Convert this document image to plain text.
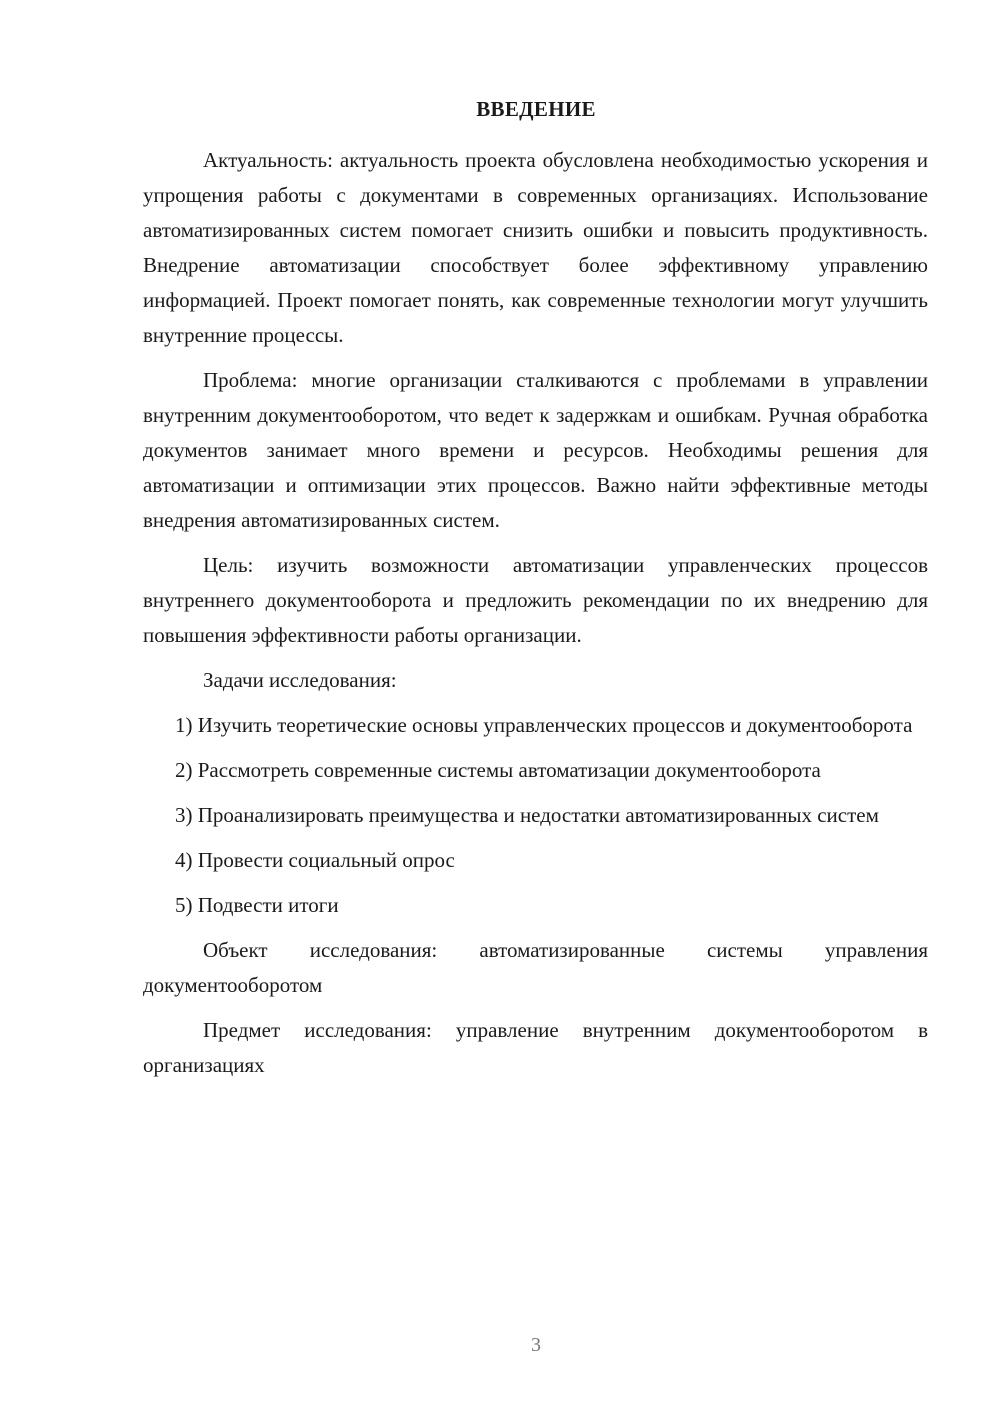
ВВЕДЕНИЕ

Актуальность: актуальность проекта обусловлена необходимостью ускорения и упрощения работы с документами в современных организациях. Использование автоматизированных систем помогает снизить ошибки и повысить продуктивность. Внедрение автоматизации способствует более эффективному управлению информацией. Проект помогает понять, как современные технологии могут улучшить внутренние процессы.

Проблема: многие организации сталкиваются с проблемами в управлении внутренним документооборотом, что ведет к задержкам и ошибкам. Ручная обработка документов занимает много времени и ресурсов. Необходимы решения для автоматизации и оптимизации этих процессов. Важно найти эффективные методы внедрения автоматизированных систем.

Цель: изучить возможности автоматизации управленческих процессов внутреннего документооборота и предложить рекомендации по их внедрению для повышения эффективности работы организации.

Задачи исследования:

1) Изучить теоретические основы управленческих процессов и документооборота

2) Рассмотреть современные системы автоматизации документооборота

3) Проанализировать преимущества и недостатки автоматизированных систем

4) Провести социальный опрос

5) Подвести итоги

Объект исследования: автоматизированные системы управления документооборотом

Предмет исследования: управление внутренним документооборотом в организациях

3
